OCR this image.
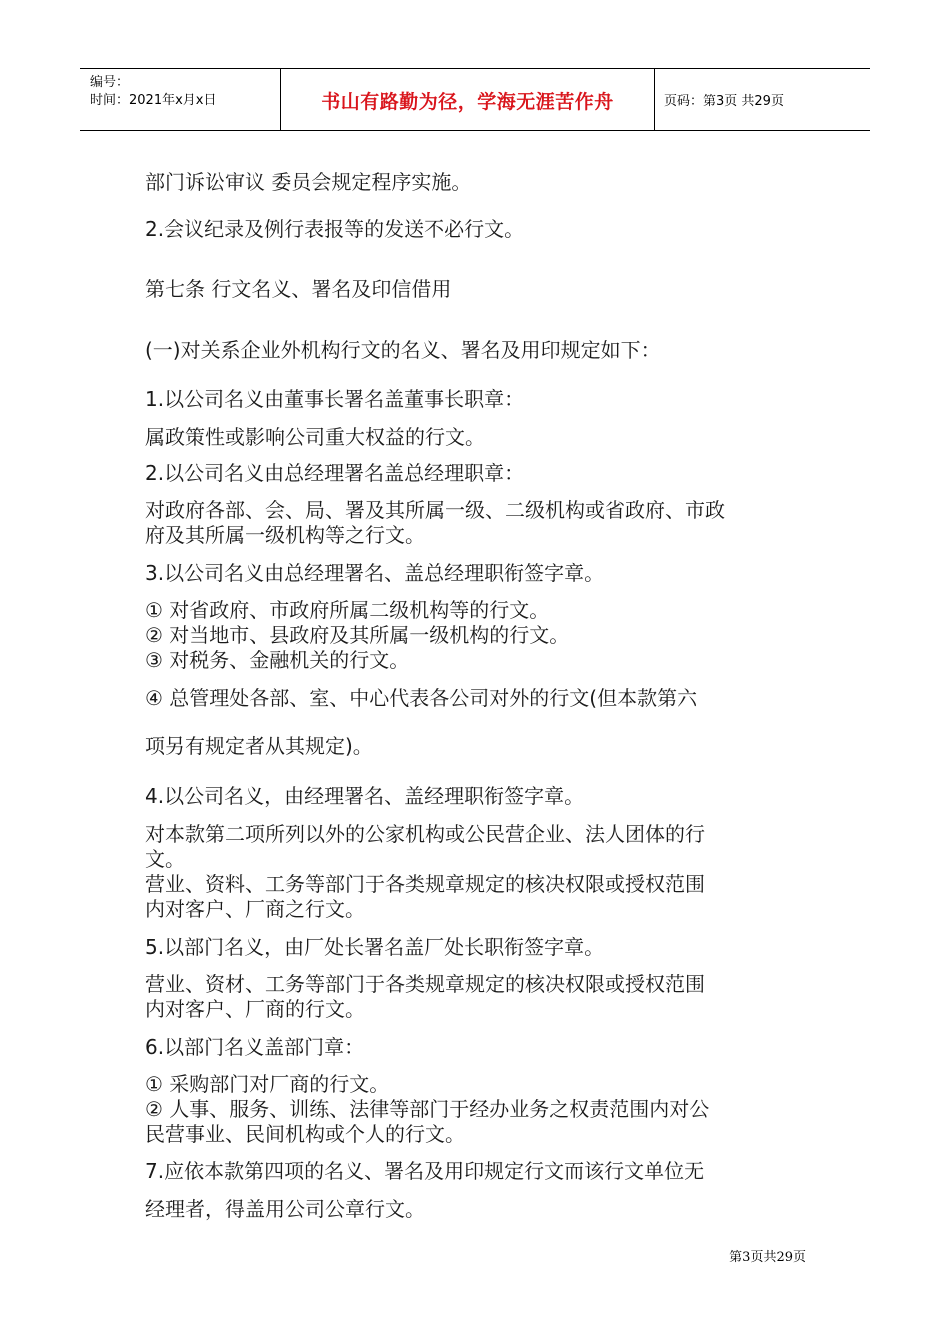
编号：
时间：2021年x月x日	书山有路勤为径，学海无涯苦作舟	页码：第3页 共29页

部门诉讼审议 委员会规定程序实施。

2.会议纪录及例行表报等的发送不必行文。

第七条 行文名义、署名及印信借用

(一)对关系企业外机构行文的名义、署名及用印规定如下：

1.以公司名义由董事长署名盖董事长职章：

属政策性或影响公司重大权益的行文。

2.以公司名义由总经理署名盖总经理职章：

对政府各部、会、局、署及其所属一级、二级机构或省政府、市政

府及其所属一级机构等之行文。

3.以公司名义由总经理署名、盖总经理职衔签字章。

① 对省政府、市政府所属二级机构等的行文。

② 对当地市、县政府及其所属一级机构的行文。

③ 对税务、金融机关的行文。

④ 总管理处各部、室、中心代表各公司对外的行文(但本款第六

项另有规定者从其规定)。

4.以公司名义，由经理署名、盖经理职衔签字章。

对本款第二项所列以外的公家机构或公民营企业、法人团体的行

文。

营业、资料、工务等部门于各类规章规定的核决权限或授权范围

内对客户、厂商之行文。

5.以部门名义，由厂处长署名盖厂处长职衔签字章。

营业、资材、工务等部门于各类规章规定的核决权限或授权范围

内对客户、厂商的行文。

6.以部门名义盖部门章：

① 采购部门对厂商的行文。

② 人事、服务、训练、法律等部门于经办业务之权责范围内对公

民营事业、民间机构或个人的行文。

7.应依本款第四项的名义、署名及用印规定行文而该行文单位无

经理者，得盖用公司公章行文。

第3页共29页
